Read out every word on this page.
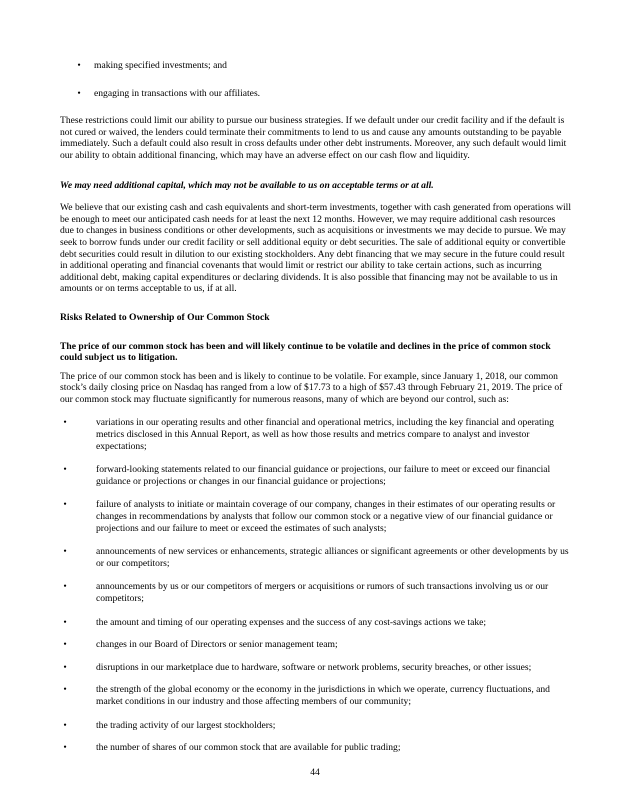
•	making specified investments; and
•	engaging in transactions with our affiliates.

These restrictions could limit our ability to pursue our business strategies. If we default under our credit facility and if the default is not cured or waived, the lenders could terminate their commitments to lend to us and cause any amounts outstanding to be payable immediately. Such a default could also result in cross defaults under other debt instruments. Moreover, any such default would limit our ability to obtain additional financing, which may have an adverse effect on our cash flow and liquidity.

We may need additional capital, which may not be available to us on acceptable terms or at all.

We believe that our existing cash and cash equivalents and short-term investments, together with cash generated from operations will be enough to meet our anticipated cash needs for at least the next 12 months. However, we may require additional cash resources due to changes in business conditions or other developments, such as acquisitions or investments we may decide to pursue. We may seek to borrow funds under our credit facility or sell additional equity or debt securities. The sale of additional equity or convertible debt securities could result in dilution to our existing stockholders. Any debt financing that we may secure in the future could result in additional operating and financial covenants that would limit or restrict our ability to take certain actions, such as incurring additional debt, making capital expenditures or declaring dividends. It is also possible that financing may not be available to us in amounts or on terms acceptable to us, if at all.

Risks Related to Ownership of Our Common Stock

The price of our common stock has been and will likely continue to be volatile and declines in the price of common stock could subject us to litigation.

The price of our common stock has been and is likely to continue to be volatile. For example, since January 1, 2018, our common stock’s daily closing price on Nasdaq has ranged from a low of $17.73 to a high of $57.43 through February 21, 2019. The price of our common stock may fluctuate significantly for numerous reasons, many of which are beyond our control, such as:

•	variations in our operating results and other financial and operational metrics, including the key financial and operating metrics disclosed in this Annual Report, as well as how those results and metrics compare to analyst and investor expectations;
•	forward-looking statements related to our financial guidance or projections, our failure to meet or exceed our financial guidance or projections or changes in our financial guidance or projections;
•	failure of analysts to initiate or maintain coverage of our company, changes in their estimates of our operating results or changes in recommendations by analysts that follow our common stock or a negative view of our financial guidance or projections and our failure to meet or exceed the estimates of such analysts;
•	announcements of new services or enhancements, strategic alliances or significant agreements or other developments by us or our competitors;
•	announcements by us or our competitors of mergers or acquisitions or rumors of such transactions involving us or our competitors;
•	the amount and timing of our operating expenses and the success of any cost-savings actions we take;
•	changes in our Board of Directors or senior management team;
•	disruptions in our marketplace due to hardware, software or network problems, security breaches, or other issues;
•	the strength of the global economy or the economy in the jurisdictions in which we operate, currency fluctuations, and market conditions in our industry and those affecting members of our community;
•	the trading activity of our largest stockholders;
•	the number of shares of our common stock that are available for public trading;
44
